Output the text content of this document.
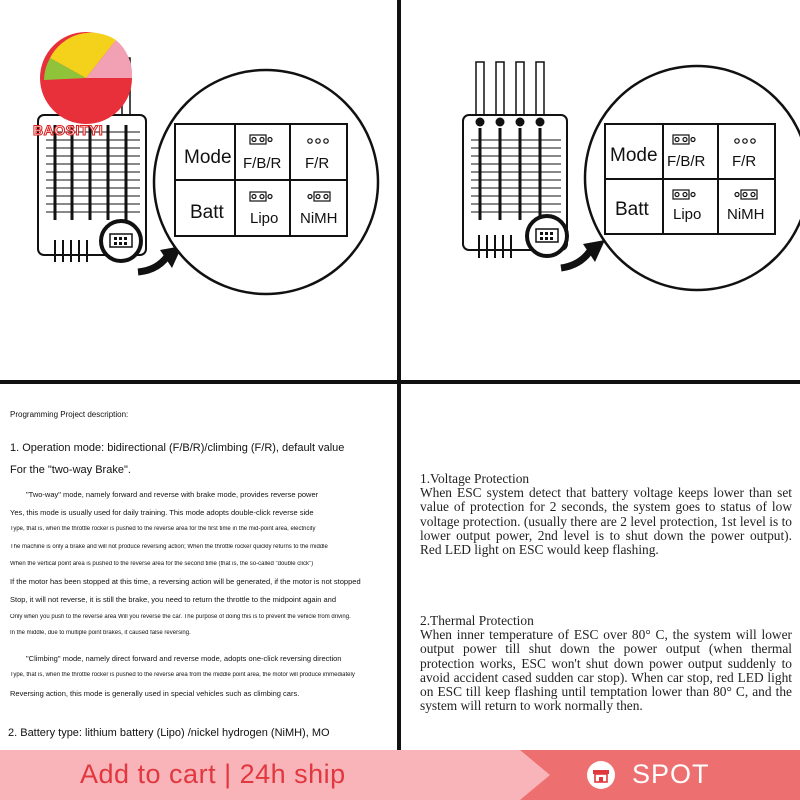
Mode
Batt
F/B/R F/R
Lipo NiMH
BAOSITYI
Mode
Batt
F/B/R F/R
Lipo NiMH
Programming Project description:
1. Operation mode: bidirectional (F/B/R)/climbing (F/R), default value
For the "two-way Brake".
"Two-way" mode, namely forward and reverse with brake mode, provides reverse power
Yes, this mode is usually used for daily training. This mode adopts double-click reverse side
Type, that is, when the throttle rocker is pushed to the reverse area for the first time in the mid-point area, electricity
The machine is only a brake and will not produce reversing action; When the throttle rocker quickly returns to the middle
When the vertical point area is pushed to the reverse area for the second time (that is, the so-called "double click")
If the motor has been stopped at this time, a reversing action will be generated, if the motor is not stopped
Stop, it will not reverse, it is still the brake, you need to return the throttle to the midpoint again and
Only when you push to the reverse area Will you reverse the car. The purpose of doing this is to prevent the vehicle from driving.
In the middle, due to multiple point brakes, it caused false reversing.
"Climbing" mode, namely direct forward and reverse mode, adopts one-click reversing direction
Type, that is, when the throttle rocker is pushed to the reverse area from the middle point area, the motor will produce immediately
Reversing action, this mode is generally used in special vehicles such as climbing cars.
2. Battery type: lithium battery (Lipo) /nickel hydrogen (NiMH), MO
1.Voltage Protection
When ESC system detect that battery voltage keeps lower than set value of protection for 2 seconds, the system goes to status of low voltage protection. (usually there are 2 level protection, 1st level is to lower output power, 2nd level is to shut down the power output). Red LED light on ESC would keep flashing.
2.Thermal Protection
When inner temperature of ESC over 80° C, the system will lower output power till shut down the power output (when thermal protection works, ESC won't shut down power output suddenly to avoid accident cased sudden car stop). When car stop, red LED light on ESC till keep flashing until temptation lower than 80° C, and the system will return to work normally then.
Add to cart | 24h ship	SPOT
